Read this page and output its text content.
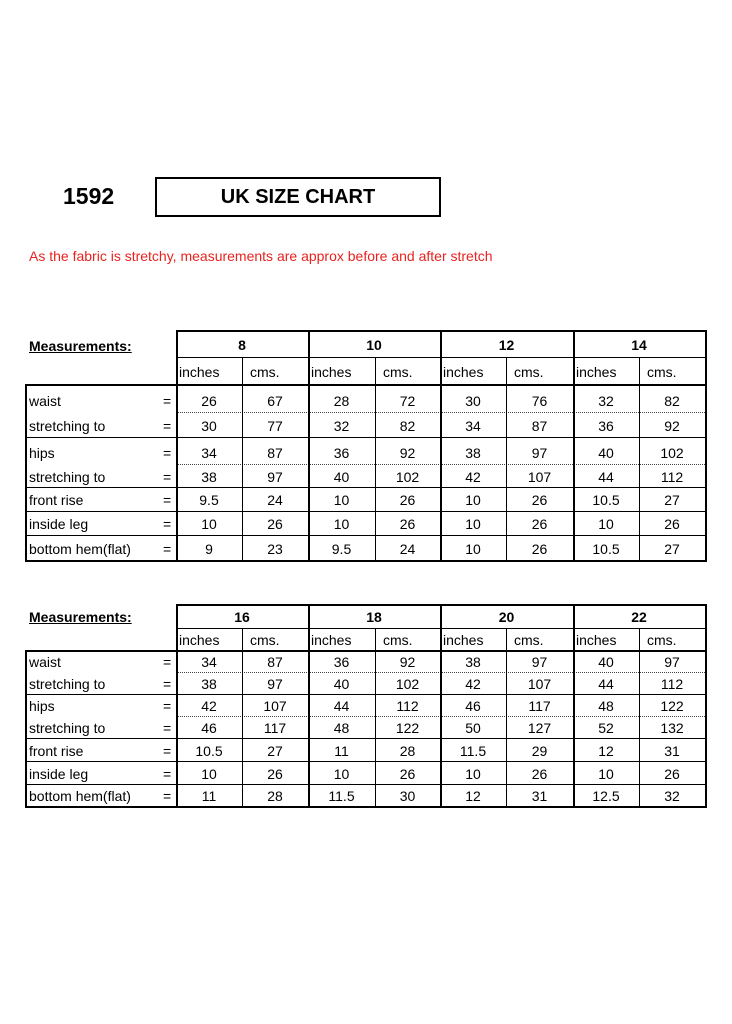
1592	UK SIZE CHART
As the fabric is stretchy, measurements are approx before and after stretch
Measurements:	8	10	12	14
inches cms. inches cms. inches cms. inches cms.
waist	=	26	67	28	72	30	76	32	82
stretching to	=	30	77	32	82	34	87	36	92
hips	=	34	87	36	92	38	97	40	102
stretching to	=	38	97	40	102	42	107	44	112
front rise	=	9.5	24	10	26	10	26	10.5	27
inside leg	=	10	26	10	26	10	26	10	26
bottom hem(flat) =	9	23	9.5	24	10	26	10.5	27
Measurements:	16	18	20	22
inches cms. inches cms. inches cms. inches cms.
waist	=	34	87	36	92	38	97	40	97
stretching to	=	38	97	40	102	42	107	44	112
hips	=	42	107	44	112	46	117	48	122
stretching to	=	46	117	48	122	50	127	52	132
front rise	=	10.5	27	11	28	11.5	29	12	31
inside leg	=	10	26	10	26	10	26	10	26
bottom hem(flat) =	11	28	11.5	30	12	31	12.5	32
